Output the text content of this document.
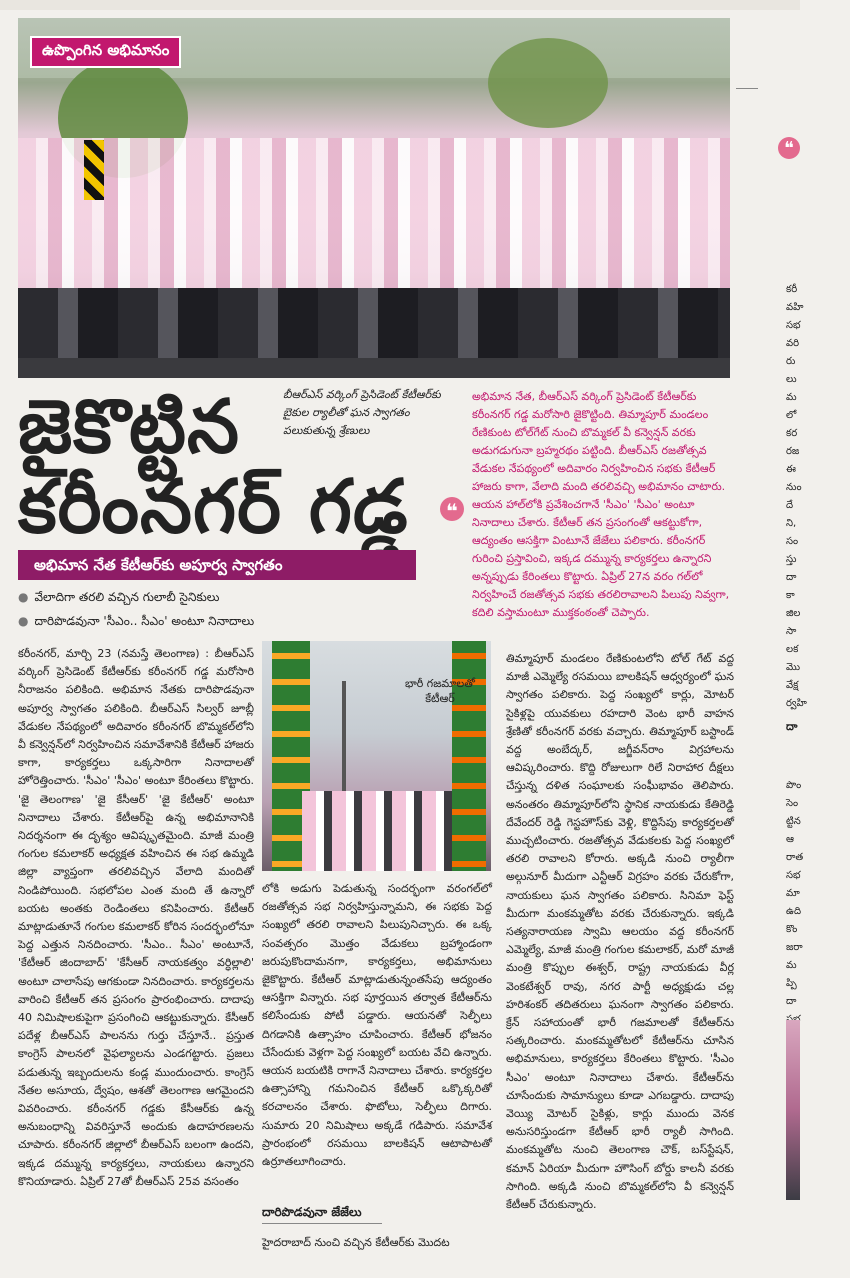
ఉప్పొంగిన అభిమానం
జైకొట్టిన కరీంనగర్ గడ్డ
బీఆర్ఎస్ వర్కింగ్ ప్రెసిడెంట్ కేటీఆర్‌కు బైకుల ర్యాలీతో ఘన స్వాగతం పలుకుతున్న శ్రేణులు
❝
అభిమాన నేత, బీఆర్ఎస్ వర్కింగ్ ప్రెసిడెంట్ కేటీఆర్‌కు కరీంనగర్ గడ్డ మరోసారి జైకొట్టింది. తిమ్మాపూర్ మండలం రేణికుంట టోల్‌గేట్ నుంచి బొమ్మకల్ వీ కన్వెన్షన్ వరకు అడుగడుగునా బ్రహ్మరథం పట్టింది. బీఆర్ఎస్ రజతోత్సవ వేడుకల నేపథ్యంలో అదివారం నిర్వహించిన సభకు కేటీఆర్ హాజరు కాగా, వేలాది మంది తరలివచ్చి అభిమానం చాటారు. ఆయన హాల్‌లోకి ప్రవేశించగానే 'సీఎం' 'సీఎం' అంటూ నినాదాలు చేశారు. కేటీఆర్ తన ప్రసంగంతో ఆకట్టుకోగా, ఆద్యంతం ఆసక్తిగా వింటూనే జేజేలు పలికారు. కరీంనగర్ గురించి ప్రస్తావించి, ఇక్కడ దమ్మున్న కార్యకర్తలు ఉన్నారని అన్నప్పుడు కేరింతలు కొట్టారు. ఏప్రిల్ 27న వరం గల్‌లో నిర్వహించే రజతోత్సవ సభకు తరలిరావాలని పిలుపు నివ్వగా, కదిలి వస్తామంటూ ముక్తకంఠంతో చెప్పారు.
అభిమాన నేత కేటీఆర్‌కు అపూర్వ స్వాగతం
● వేలాదిగా తరలి వచ్చిన గులాబీ సైనికులు
● దారిపొడవునా 'సీఎం.. సీఎం' అంటూ నినాదాలు
కరీంనగర్, మార్చి 23 (నమస్తే తెలంగాణ) : బీఆర్ఎస్ వర్కింగ్ ప్రెసిడెంట్ కేటీఆర్‌కు కరీంనగర్ గడ్డ మరోసారి నీరాజనం పలికింది. అభిమాన నేతకు దారిపొడవునా అపూర్వ స్వాగతం పలికింది. బీఆర్ఎస్ సిల్వర్ జూబ్లీ వేడుకల నేపథ్యంలో అదివారం కరీంనగర్ బొమ్మకల్‌లోని వీ కన్వెన్షన్‌లో నిర్వహించిన సమావేశానికి కేటీఆర్ హాజరు కాగా, కార్యకర్తలు ఒక్కసారిగా నినాదాలతో హోరెత్తించారు. 'సీఎం' 'సీఎం' అంటూ కేరింతలు కొట్టారు. 'జై తెలంగాణ' 'జై కేసీఆర్' 'జై కేటీఆర్' అంటూ నినాదాలు చేశారు. కేటీఆర్‌పై ఉన్న అభిమానానికి నిదర్శనంగా ఈ దృశ్యం ఆవిష్కృతమైంది. మాజీ మంత్రి గంగుల కమలాకర్ అధ్యక్షత వహించిన ఈ సభ ఉమ్మడి జిల్లా వ్యాప్తంగా తరలివచ్చిన వేలాది మందితో నిండిపోయింది. సభలోపల ఎంత మంది తే ఉన్నారో బయట అంతకు రెండింతలు కనిపించారు. కేటీఆర్ మాట్లాడుతూనే గంగుల కమలాకర్ కోరిన సందర్భంలోనూ పెద్ద ఎత్తున నినదించారు. 'సీఎం.. సీఎం' అంటూనే, 'కేటీఆర్ జిందాబాద్' 'కేసీఆర్ నాయకత్వం వర్ధిల్లాలి' అంటూ చాలాసేపు ఆగకుండా నినదించారు. కార్యకర్తలను వారించి కేటీఆర్ తన ప్రసంగం ప్రారంభించారు. దాదాపు 40 నిమిషాలకుపైగా ప్రసంగించి ఆకట్టుకున్నారు. కేసీఆర్ పదేళ్ల బీఆర్ఎస్ పాలనను గుర్తు చేస్తూనే.. ప్రస్తుత కాంగ్రెస్ పాలనలో వైఫల్యాలను ఎండగట్టారు. ప్రజలు పడుతున్న ఇబ్బందులను కండ్ల ముందుంచారు. కాంగ్రెస్ నేతల అసూయ, ద్వేషం, ఆశతో తెలంగాణ ఆగమైందని వివరించారు. కరీంనగర్ గడ్డకు కేసీఆర్‌కు ఉన్న అనుబంధాన్ని వివరిస్తూనే అందుకు ఉదాహరణలను చూపారు. కరీంనగర్ జిల్లాలో బీఆర్ఎస్ బలంగా ఉందని, ఇక్కడ దమ్మున్న కార్యకర్తలు, నాయకులు ఉన్నారని కొనియాడారు. ఏప్రిల్ 27తో బీఆర్ఎస్ 25వ వసంతం
భారీ గజమాలతో కేటీఆర్
లోకి అడుగు పెడుతున్న సందర్భంగా వరంగల్‌లో రజతోత్సవ సభ నిర్వహిస్తున్నామని, ఈ సభకు పెద్ద సంఖ్యలో తరలి రావాలని పిలుపునిచ్చారు. ఈ ఒక్క సంవత్సరం మొత్తం వేడుకలు బ్రహ్మాండంగా జరుపుకొందామనగా, కార్యకర్తలు, అభిమానులు జైకొట్టారు. కేటీఆర్ మాట్లాడుతున్నంతసేపు ఆద్యంతం ఆసక్తిగా విన్నారు. సభ పూర్తయిన తర్వాత కేటీఆర్‌ను కలిసేందుకు పోటీ పడ్డారు. ఆయనతో సెల్ఫీలు దిగడానికి ఉత్సాహం చూపించారు. కేటీఆర్ భోజనం చేసేందుకు వెళ్లగా పెద్ద సంఖ్యలో బయట వేచి ఉన్నారు. ఆయన బయటికి రాగానే నినాదాలు చేశారు. కార్యకర్తల ఉత్సాహాన్ని గమనించిన కేటీఆర్ ఒక్కొక్కరితో కరచాలనం చేశారు. ఫొటోలు, సెల్ఫీలు దిగారు. సుమారు 20 నిమిషాలు అక్కడే గడిపారు. సమావేశ ప్రారంభంలో రసమయి బాలకిషన్ ఆటాపాటతో ఉర్రూతలూగించారు.
దారిపొడవునా జేజేలు
హైదరాబాద్ నుంచి వచ్చిన కేటీఆర్‌కు మొదట
తిమ్మాపూర్ మండలం రేణికుంటలోని టోల్ గేట్ వద్ద మాజీ ఎమ్మెల్యే రసమయి బాలకిషన్ ఆధ్వర్యంలో ఘన స్వాగతం పలికారు. పెద్ద సంఖ్యలో కార్లు, మోటర్ సైకిళ్లపై యువకులు రహదారి వెంట భారీ వాహన శ్రేణితో కరీంనగర్ వరకు వచ్చారు. తిమ్మాపూర్ బస్టాండ్ వద్ద అంబేద్కర్, జగ్జీవన్‌రాం విగ్రహాలను ఆవిష్కరించారు. కొద్ది రోజులుగా రిలే నిరాహార దీక్షలు చేస్తున్న దళిత సంఘాలకు సంఘీభావం తెలిపారు. అనంతరం తిమ్మాపూర్‌లోని స్థానిక నాయకుడు కేతిరెడ్డి దేవేందర్ రెడ్డి గెస్టహౌస్‌కు వెళ్లి, కొద్దిసేపు కార్యకర్తలతో ముచ్చటించారు. రజతోత్సవ వేడుకలకు పెద్ద సంఖ్యలో తరలి రావాలని కోరారు. అక్కడి నుంచి ర్యాలీగా అల్గునూర్ మీదుగా ఎన్టీఆర్ విగ్రహం వరకు చేరుకోగా, నాయకులు ఘన స్వాగతం పలికారు. సినిమా ఫెస్ట్ మీదుగా మంకమ్మతోట వరకు చేరుకున్నారు. ఇక్కడి సత్యనారాయణ స్వామి ఆలయం వద్ద కరీంనగర్ ఎమ్మెల్యే, మాజీ మంత్రి గంగుల కమలాకర్, మరో మాజీ మంత్రి కొప్పుల ఈశ్వర్, రాష్ట్ర నాయకుడు వీర్ల వెంకటేశ్వర్ రావు, నగర పార్టీ అధ్యక్షుడు చల్ల హరిశంకర్ తదితరులు ఘనంగా స్వాగతం పలికారు. క్రేన్ సహాయంతో భారీ గజమాలతో కేటీఆర్‌ను సత్కరించారు. మంకమ్మతోటలో కేటీఆర్‌ను చూసిన అభిమానులు, కార్యకర్తలు కేరింతలు కొట్టారు. 'సీఎం సీఎం' అంటూ నినాదాలు చేశారు. కేటీఆర్‌ను చూసేందుకు సామాన్యులు కూడా ఎగబడ్డారు. దాదాపు వెయ్యి మోటర్ సైకిళ్లు, కార్లు ముందు వెనక అనుసరిస్తుండగా కేటీఆర్ భారీ ర్యాలీ సాగింది. మంకమ్మతోట నుంచి తెలంగాణ చౌక్, బస్‌స్టేషన్, కమాన్ ఏరియా మీదుగా హౌసింగ్ బోర్డు కాలనీ వరకు సాగింది. అక్కడి నుంచి బొమ్మకల్‌లోని వీ కన్వెన్షన్ కేటీఆర్ చేరుకున్నారు.
❝
కరీ
వహి
సభ
వరి
రు
లు
మ
లో
కర
రజ
ఈ
నుం
దే
ని,
సం
స్తు
దా
కా
జిల
సా
లక
మొ
వేక్ష
ర్వహి
పొం
సెం
ట్టిన
ఆ
రాత
సభ
మా
ఉది
కొం
జరా
మ
ప్పి
దా
దా
